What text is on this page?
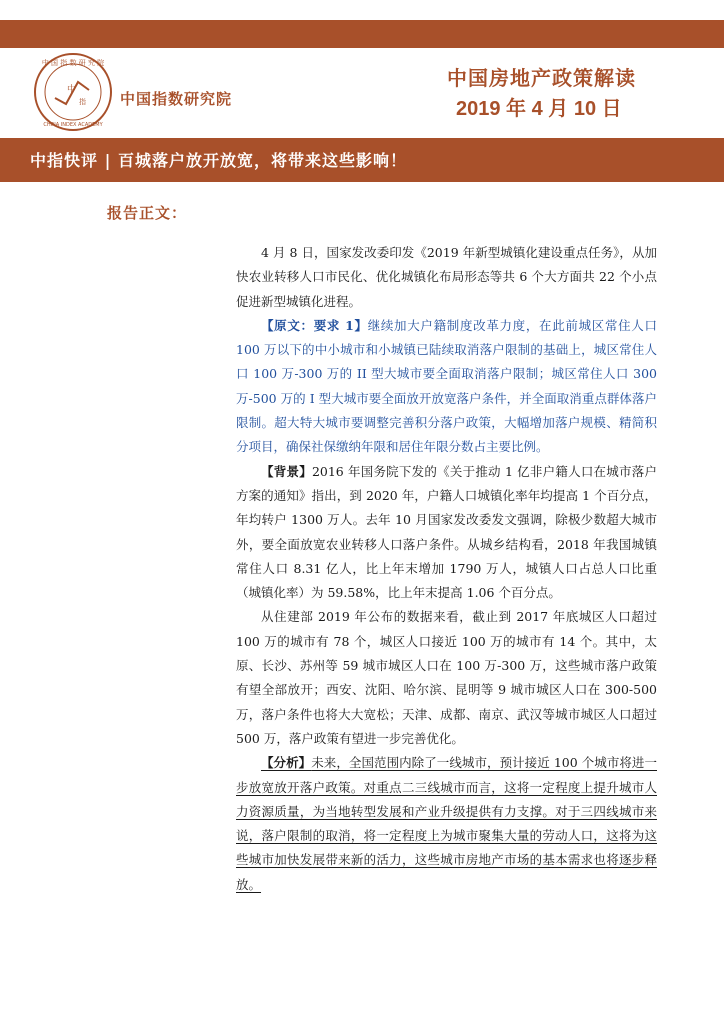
中 国 指 数 研 究 院
CHINA INDEX ACADEMY
中
指 中国指数研究院
中国房地产政策解读
2019 年 4 月 10 日
中指快评 | 百城落户放开放宽，将带来这些影响！
报告正文：

4 月 8 日，国家发改委印发《2019 年新型城镇化建设重点任务》，从加快农业转移人口市民化、优化城镇化布局形态等共 6 个大方面共 22 个小点促进新型城镇化进程。

【原文：要求 1】继续加大户籍制度改革力度，在此前城区常住人口 100 万以下的中小城市和小城镇已陆续取消落户限制的基础上，城区常住人口 100 万-300 万的 II 型大城市要全面取消落户限制；城区常住人口 300 万-500 万的 I 型大城市要全面放开放宽落户条件，并全面取消重点群体落户限制。超大特大城市要调整完善积分落户政策，大幅增加落户规模、精简积分项目，确保社保缴纳年限和居住年限分数占主要比例。

【背景】2016 年国务院下发的《关于推动 1 亿非户籍人口在城市落户方案的通知》指出，到 2020 年，户籍人口城镇化率年均提高 1 个百分点，年均转户 1300 万人。去年 10 月国家发改委发文强调，除极少数超大城市外，要全面放宽农业转移人口落户条件。从城乡结构看，2018 年我国城镇常住人口 8.31 亿人，比上年末增加 1790 万人，城镇人口占总人口比重（城镇化率）为 59.58%，比上年末提高 1.06 个百分点。

从住建部 2019 年公布的数据来看，截止到 2017 年底城区人口超过 100 万的城市有 78 个，城区人口接近 100 万的城市有 14 个。其中，太原、长沙、苏州等 59 城市城区人口在 100 万-300 万，这些城市落户政策有望全部放开；西安、沈阳、哈尔滨、昆明等 9 城市城区人口在 300-500 万，落户条件也将大大宽松；天津、成都、南京、武汉等城市城区人口超过 500 万，落户政策有望进一步完善优化。

【分析】未来，全国范围内除了一线城市，预计接近 100 个城市将进一步放宽放开落户政策。对重点二三线城市而言，这将一定程度上提升城市人力资源质量，为当地转型发展和产业升级提供有力支撑。对于三四线城市来说，落户限制的取消，将一定程度上为城市聚集大量的劳动人口，这将为这些城市加快发展带来新的活力，这些城市房地产市场的基本需求也将逐步释放。
